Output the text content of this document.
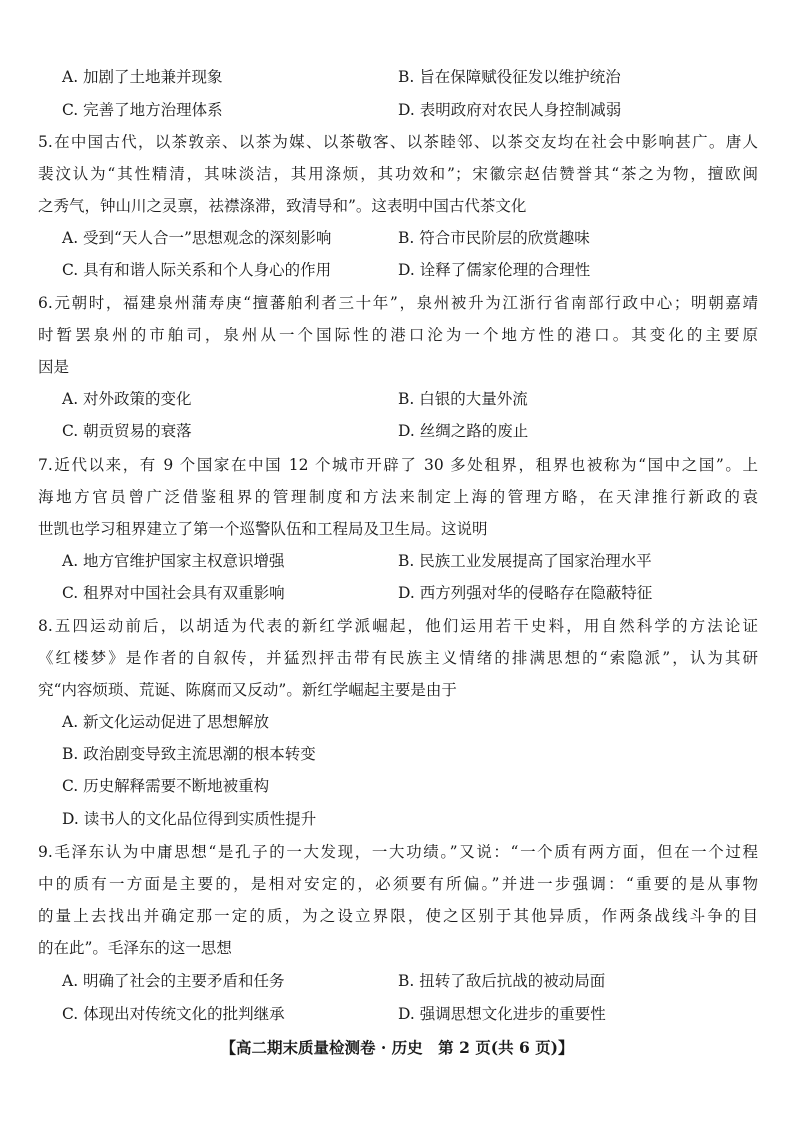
A. 加剧了土地兼并现象	B. 旨在保障赋役征发以维护统治
C. 完善了地方治理体系	D. 表明政府对农民人身控制减弱
5.在中国古代，以茶敦亲、以茶为媒、以茶敬客、以茶睦邻、以茶交友均在社会中影响甚广。唐人
裴汶认为“其性精清，其味淡洁，其用涤烦，其功效和”；宋徽宗赵佶赞誉其“茶之为物，擅欧闽
之秀气，钟山川之灵禀，祛襟涤滞，致清导和”。这表明中国古代茶文化
A. 受到“天人合一”思想观念的深刻影响	B. 符合市民阶层的欣赏趣味
C. 具有和谐人际关系和个人身心的作用	D. 诠释了儒家伦理的合理性
6.元朝时，福建泉州蒲寿庚“擅蕃舶利者三十年”，泉州被升为江浙行省南部行政中心；明朝嘉靖
时暂罢泉州的市舶司，泉州从一个国际性的港口沦为一个地方性的港口。其变化的主要原
因是
A. 对外政策的变化	B. 白银的大量外流
C. 朝贡贸易的衰落	D. 丝绸之路的废止
7.近代以来，有 9 个国家在中国 12 个城市开辟了 30 多处租界，租界也被称为“国中之国”。上
海地方官员曾广泛借鉴租界的管理制度和方法来制定上海的管理方略，在天津推行新政的袁
世凯也学习租界建立了第一个巡警队伍和工程局及卫生局。这说明
A. 地方官维护国家主权意识增强	B. 民族工业发展提高了国家治理水平
C. 租界对中国社会具有双重影响	D. 西方列强对华的侵略存在隐蔽特征
8.五四运动前后，以胡适为代表的新红学派崛起，他们运用若干史料，用自然科学的方法论证
《红楼梦》是作者的自叙传，并猛烈抨击带有民族主义情绪的排满思想的“索隐派”，认为其研
究“内容烦琐、荒诞、陈腐而又反动”。新红学崛起主要是由于
A. 新文化运动促进了思想解放
B. 政治剧变导致主流思潮的根本转变
C. 历史解释需要不断地被重构
D. 读书人的文化品位得到实质性提升
9.毛泽东认为中庸思想“是孔子的一大发现，一大功绩。”又说：“一个质有两方面，但在一个过程
中的质有一方面是主要的，是相对安定的，必须要有所偏。”并进一步强调：“重要的是从事物
的量上去找出并确定那一定的质，为之设立界限，使之区别于其他异质，作两条战线斗争的目
的在此”。毛泽东的这一思想
A. 明确了社会的主要矛盾和任务	B. 扭转了敌后抗战的被动局面
C. 体现出对传统文化的批判继承	D. 强调思想文化进步的重要性
【高二期末质量检测卷 · 历史　第 2 页(共 6 页)】
